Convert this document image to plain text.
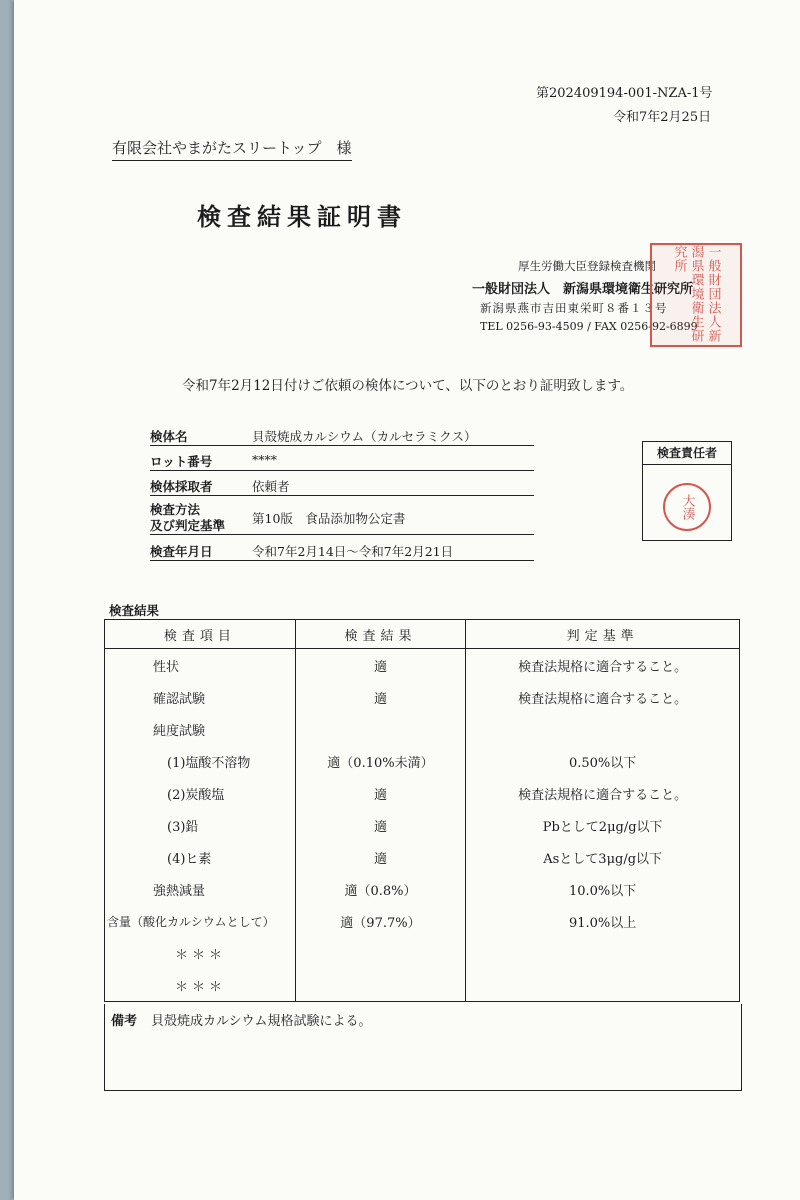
第202409194-001-NZA-1号
令和7年2月25日
有限会社やまがたスリートップ　様
検査結果証明書
厚生労働大臣登録検査機関
一般財団法人　新潟県環境衛生研究所
新潟県燕市吉田東栄町８番１３号
TEL 0256-93-4509 / FAX 0256-92-6899 一般財団法人新潟県環境衛生研究所
令和7年2月12日付けご依頼の検体について、以下のとおり証明致します。
検体名	貝殻焼成カルシウム（カルセラミクス）
ロット番号	****
検体採取者	依頼者
検査方法
及び判定基準 第10版　食品添加物公定書
検査年月日	令和7年2月14日～令和7年2月21日
検査責任者
大湊
検査結果
検査項目	検査結果	判定基準
性状	適	検査法規格に適合すること。
確認試験	適	検査法規格に適合すること。
純度試験		
(1)塩酸不溶物	適（0.10%未満）	0.50%以下
(2)炭酸塩	適	検査法規格に適合すること。
(3)鉛	適	Pbとして2μg/g以下
(4)ヒ素	適	Asとして3μg/g以下
強熱減量	適（0.8%）	10.0%以下
含量（酸化カルシウムとして）	適（97.7%）	91.0%以上
＊＊＊		
＊＊＊		
備考 貝殻焼成カルシウム規格試験による。
